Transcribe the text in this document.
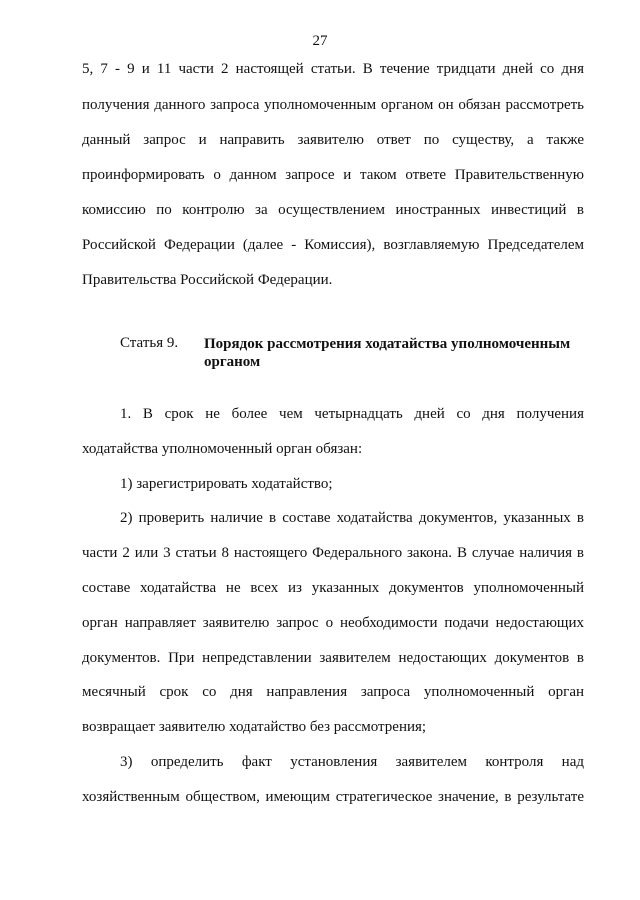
27
5, 7 - 9 и 11 части 2 настоящей статьи. В течение тридцати дней со дня
получения данного запроса уполномоченным органом он обязан рассмотреть
данный запрос и направить заявителю ответ по существу, а также
проинформировать о данном запросе и таком ответе Правительственную
комиссию по контролю за осуществлением иностранных инвестиций в
Российской Федерации (далее - Комиссия), возглавляемую Председателем
Правительства Российской Федерации.
Статья 9. Порядок рассмотрения ходатайства уполномоченным
органом
1. В срок не более чем четырнадцать дней со дня получения
ходатайства уполномоченный орган обязан:
1) зарегистрировать ходатайство;
2) проверить наличие в составе ходатайства документов, указанных в
части 2 или 3 статьи 8 настоящего Федерального закона. В случае наличия в
составе ходатайства не всех из указанных документов уполномоченный
орган направляет заявителю запрос о необходимости подачи недостающих
документов. При непредставлении заявителем недостающих документов в
месячный срок со дня направления запроса уполномоченный орган
возвращает заявителю ходатайство без рассмотрения;
3) определить факт установления заявителем контроля над
хозяйственным обществом, имеющим стратегическое значение, в результате
